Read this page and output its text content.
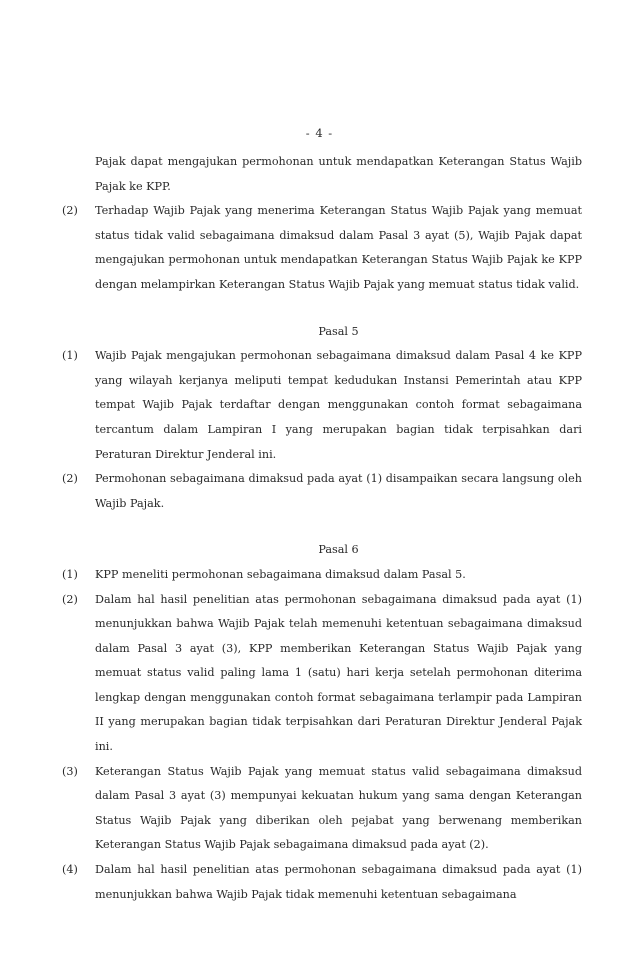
- 4 -
Pajak dapat mengajukan permohonan untuk mendapatkan Keterangan Status Wajib Pajak ke KPP.
(2) Terhadap Wajib Pajak yang menerima Keterangan Status Wajib Pajak yang memuat status tidak valid sebagaimana dimaksud dalam Pasal 3 ayat (5), Wajib Pajak dapat mengajukan permohonan untuk mendapatkan Keterangan Status Wajib Pajak ke KPP dengan melampirkan Keterangan Status Wajib Pajak yang memuat status tidak valid.
Pasal 5
(1) Wajib Pajak mengajukan permohonan sebagaimana dimaksud dalam Pasal 4 ke KPP yang wilayah kerjanya meliputi tempat kedudukan Instansi Pemerintah atau KPP tempat Wajib Pajak terdaftar dengan menggunakan contoh format sebagaimana tercantum dalam Lampiran I yang merupakan bagian tidak terpisahkan dari Peraturan Direktur Jenderal ini.
(2) Permohonan sebagaimana dimaksud pada ayat (1) disampaikan secara langsung oleh Wajib Pajak.
Pasal 6
(1) KPP meneliti permohonan sebagaimana dimaksud dalam Pasal 5.
(2) Dalam hal hasil penelitian atas permohonan sebagaimana dimaksud pada ayat (1) menunjukkan bahwa Wajib Pajak telah memenuhi ketentuan sebagaimana dimaksud dalam Pasal 3 ayat (3), KPP memberikan Keterangan Status Wajib Pajak yang memuat status valid paling lama 1 (satu) hari kerja setelah permohonan diterima lengkap dengan menggunakan contoh format sebagaimana terlampir pada Lampiran II yang merupakan bagian tidak terpisahkan dari Peraturan Direktur Jenderal Pajak ini.
(3) Keterangan Status Wajib Pajak yang memuat status valid sebagaimana dimaksud dalam Pasal 3 ayat (3) mempunyai kekuatan hukum yang sama dengan Keterangan Status Wajib Pajak yang diberikan oleh pejabat yang berwenang memberikan Keterangan Status Wajib Pajak sebagaimana dimaksud pada ayat (2).
(4) Dalam hal hasil penelitian atas permohonan sebagaimana dimaksud pada ayat (1) menunjukkan bahwa Wajib Pajak tidak memenuhi ketentuan sebagaimana
